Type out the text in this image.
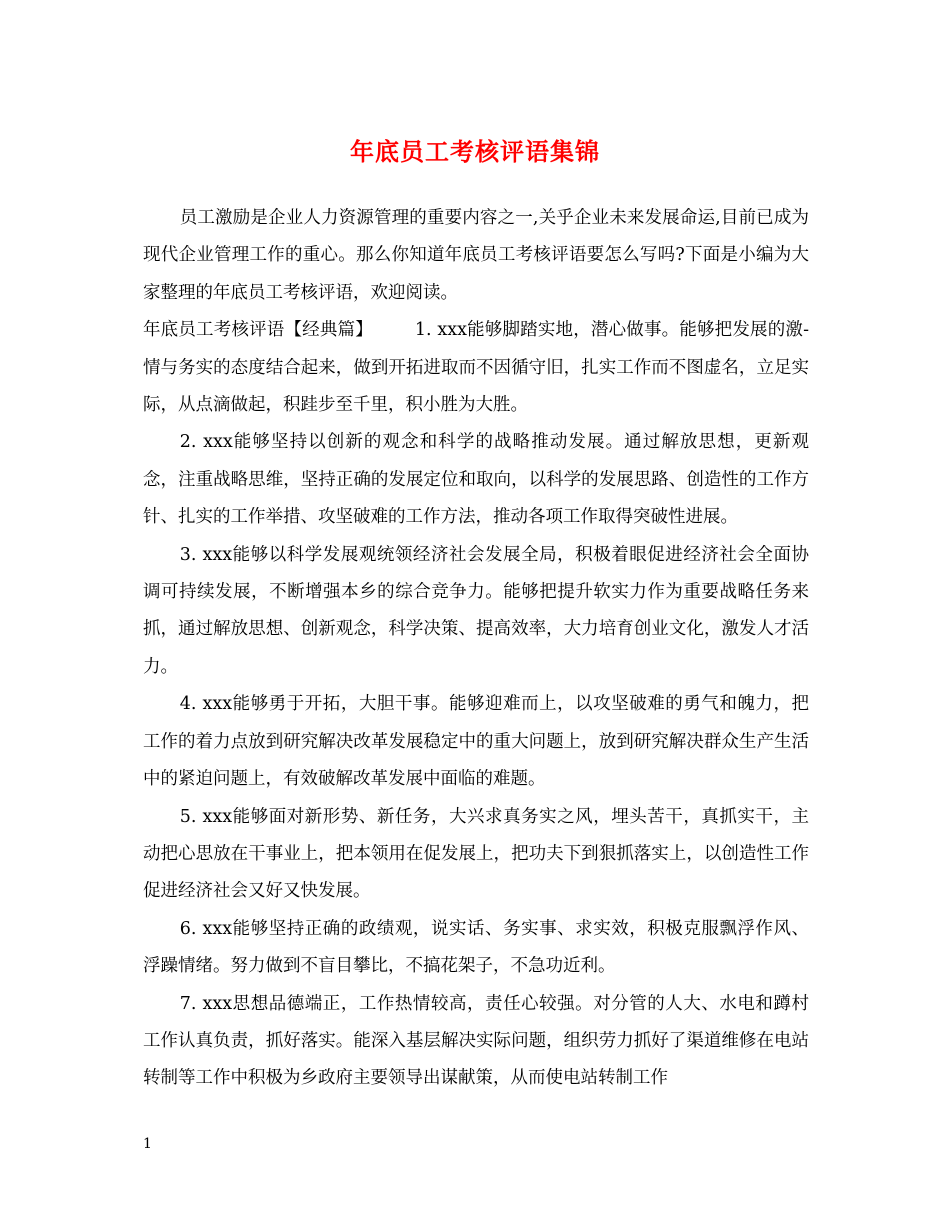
年底员工考核评语集锦

员工激励是企业人力资源管理的重要内容之一,关乎企业未来发展命运,目前已成为现代企业管理工作的重心。那么你知道年底员工考核评语要怎么写吗?下面是小编为大家整理的年底员工考核评语，欢迎阅读。

年底员工考核评语【经典篇】 1. xxx能够脚踏实地，潜心做事。能够把发展的激-情与务实的态度结合起来，做到开拓进取而不因循守旧，扎实工作而不图虚名，立足实际，从点滴做起，积跬步至千里，积小胜为大胜。

2. xxx能够坚持以创新的观念和科学的战略推动发展。通过解放思想，更新观念，注重战略思维，坚持正确的发展定位和取向，以科学的发展思路、创造性的工作方针、扎实的工作举措、攻坚破难的工作方法，推动各项工作取得突破性进展。

3. xxx能够以科学发展观统领经济社会发展全局，积极着眼促进经济社会全面协调可持续发展，不断增强本乡的综合竞争力。能够把提升软实力作为重要战略任务来抓，通过解放思想、创新观念，科学决策、提高效率，大力培育创业文化，激发人才活力。

4. xxx能够勇于开拓，大胆干事。能够迎难而上，以攻坚破难的勇气和魄力，把工作的着力点放到研究解决改革发展稳定中的重大问题上，放到研究解决群众生产生活中的紧迫问题上，有效破解改革发展中面临的难题。

5. xxx能够面对新形势、新任务，大兴求真务实之风，埋头苦干，真抓实干，主动把心思放在干事业上，把本领用在促发展上，把功夫下到狠抓落实上，以创造性工作促进经济社会又好又快发展。

6. xxx能够坚持正确的政绩观，说实话、务实事、求实效，积极克服飘浮作风、浮躁情绪。努力做到不盲目攀比，不搞花架子，不急功近利。

7. xxx思想品德端正，工作热情较高，责任心较强。对分管的人大、水电和蹲村工作认真负责，抓好落实。能深入基层解决实际问题，组织劳力抓好了渠道维修在电站转制等工作中积极为乡政府主要领导出谋献策，从而使电站转制工作

1
